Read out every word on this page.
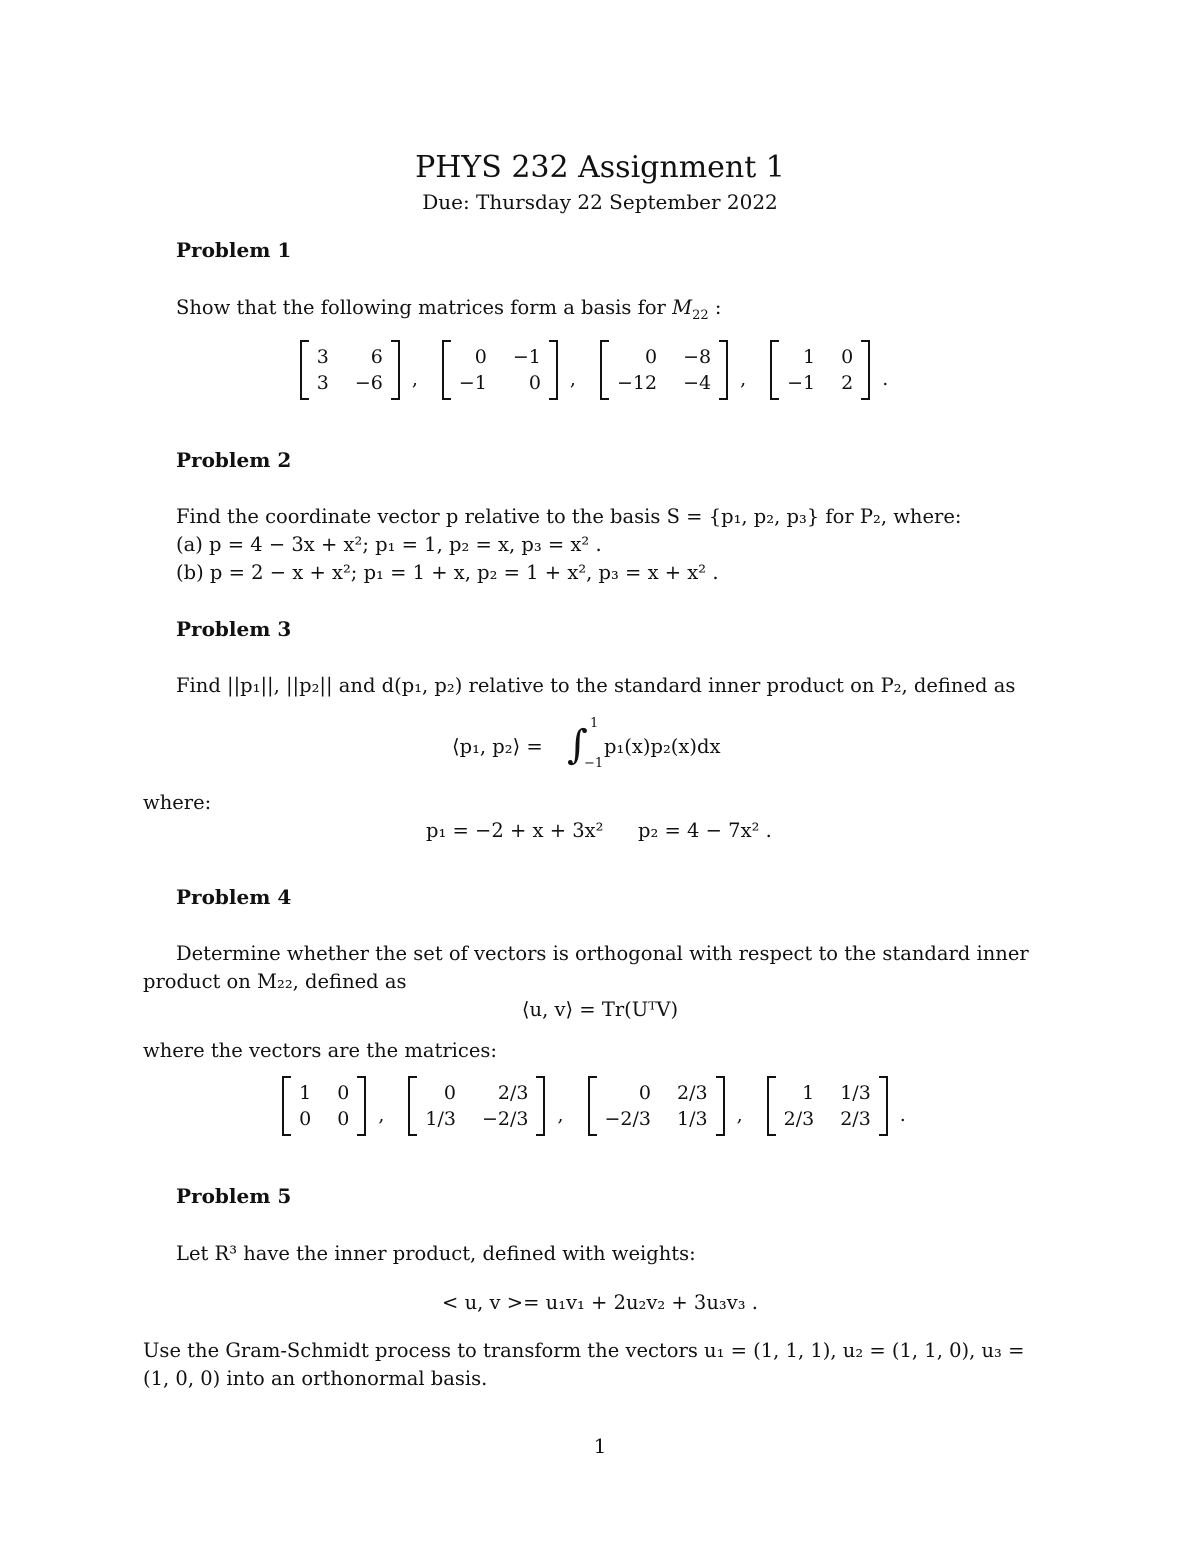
PHYS 232 Assignment 1
Due: Thursday 22 September 2022
Problem 1
Show that the following matrices form a basis for $M_{22}$ :
3	6
3 −6 ,
0 −1
−1	0 ,
0 −8
−12 −4 ,
1 0
−1 2 .
Problem 2
Find the coordinate vector p relative to the basis S = {p₁, p₂, p₃} for P₂, where:
(a) p = 4 − 3x + x²; p₁ = 1, p₂ = x, p₃ = x² .
(b) p = 2 − x + x²; p₁ = 1 + x, p₂ = 1 + x², p₃ = x + x² .
Problem 3
Find ||p₁||, ||p₂|| and d(p₁, p₂) relative to the standard inner product on P₂, defined as
⟨p₁, p₂⟩ = ∫ 1
−1
p₁(x)p₂(x)dx
where:
p₁ = −2 + x + 3x² p₂ = 4 − 7x² .
Problem 4
Determine whether the set of vectors is orthogonal with respect to the standard inner
product on M₂₂, defined as
⟨u, v⟩ = Tr(UᵀV)
where the vectors are the matrices:
1 0
0 0 ,
0	2/3
1/3 −2/3 ,
0 2/3
−2/3 1/3 ,
1 1/3
2/3 2/3 .
Problem 5
Let R³ have the inner product, defined with weights:
< u, v >= u₁v₁ + 2u₂v₂ + 3u₃v₃ .
Use the Gram-Schmidt process to transform the vectors u₁ = (1, 1, 1), u₂ = (1, 1, 0), u₃ =
(1, 0, 0) into an orthonormal basis.
1
